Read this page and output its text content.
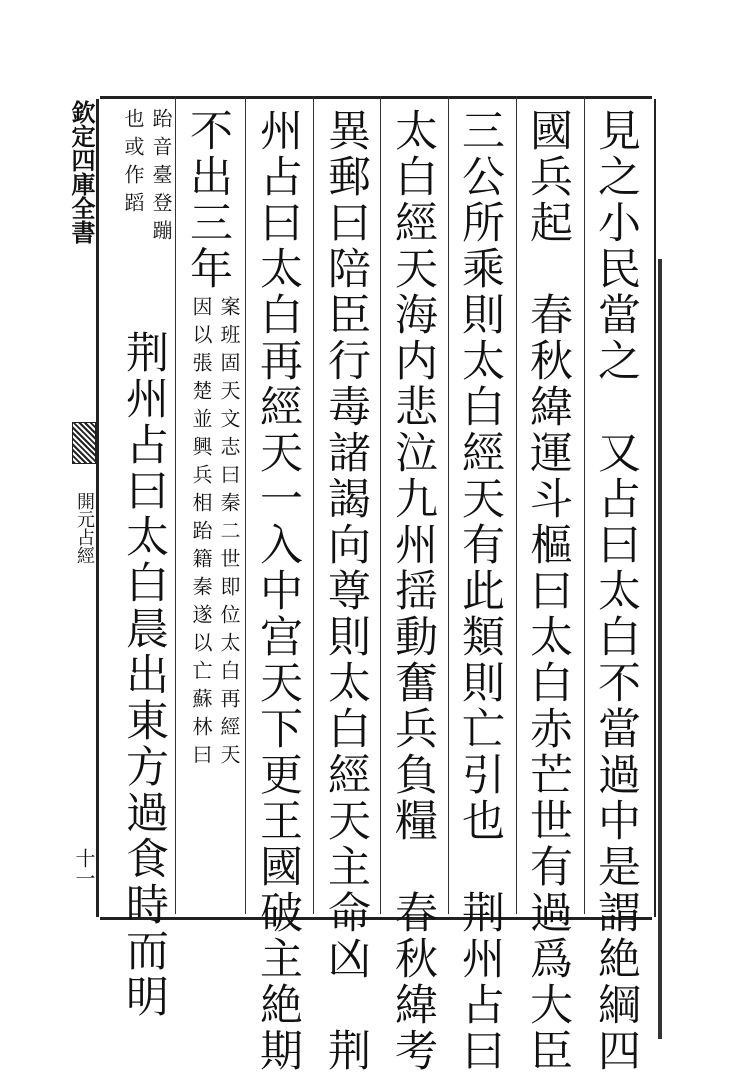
欽定四庫全書
開元占經
十一	見之小民當之　又占曰太白不當過中是謂絶綱四
國兵起　春秋緯運斗樞曰太白赤芒世有過爲大臣
三公所乘則太白經天有此類則亡引也　荆州占曰
太白經天海内悲泣九州揺動奮兵負糧　春秋緯考
異郵曰陪臣行毒諸謁向尊則太白經天主命凶　荆
州占曰太白再經天一入中宫天下更王國破主絶期
不出三年
案班固天文志曰秦二世即位太白再經天
因以張楚並興兵相跆籍秦遂以亡蘇林曰
跆音臺登蹦
也或作蹈
荆州占曰太白晨出東方過食時而明
